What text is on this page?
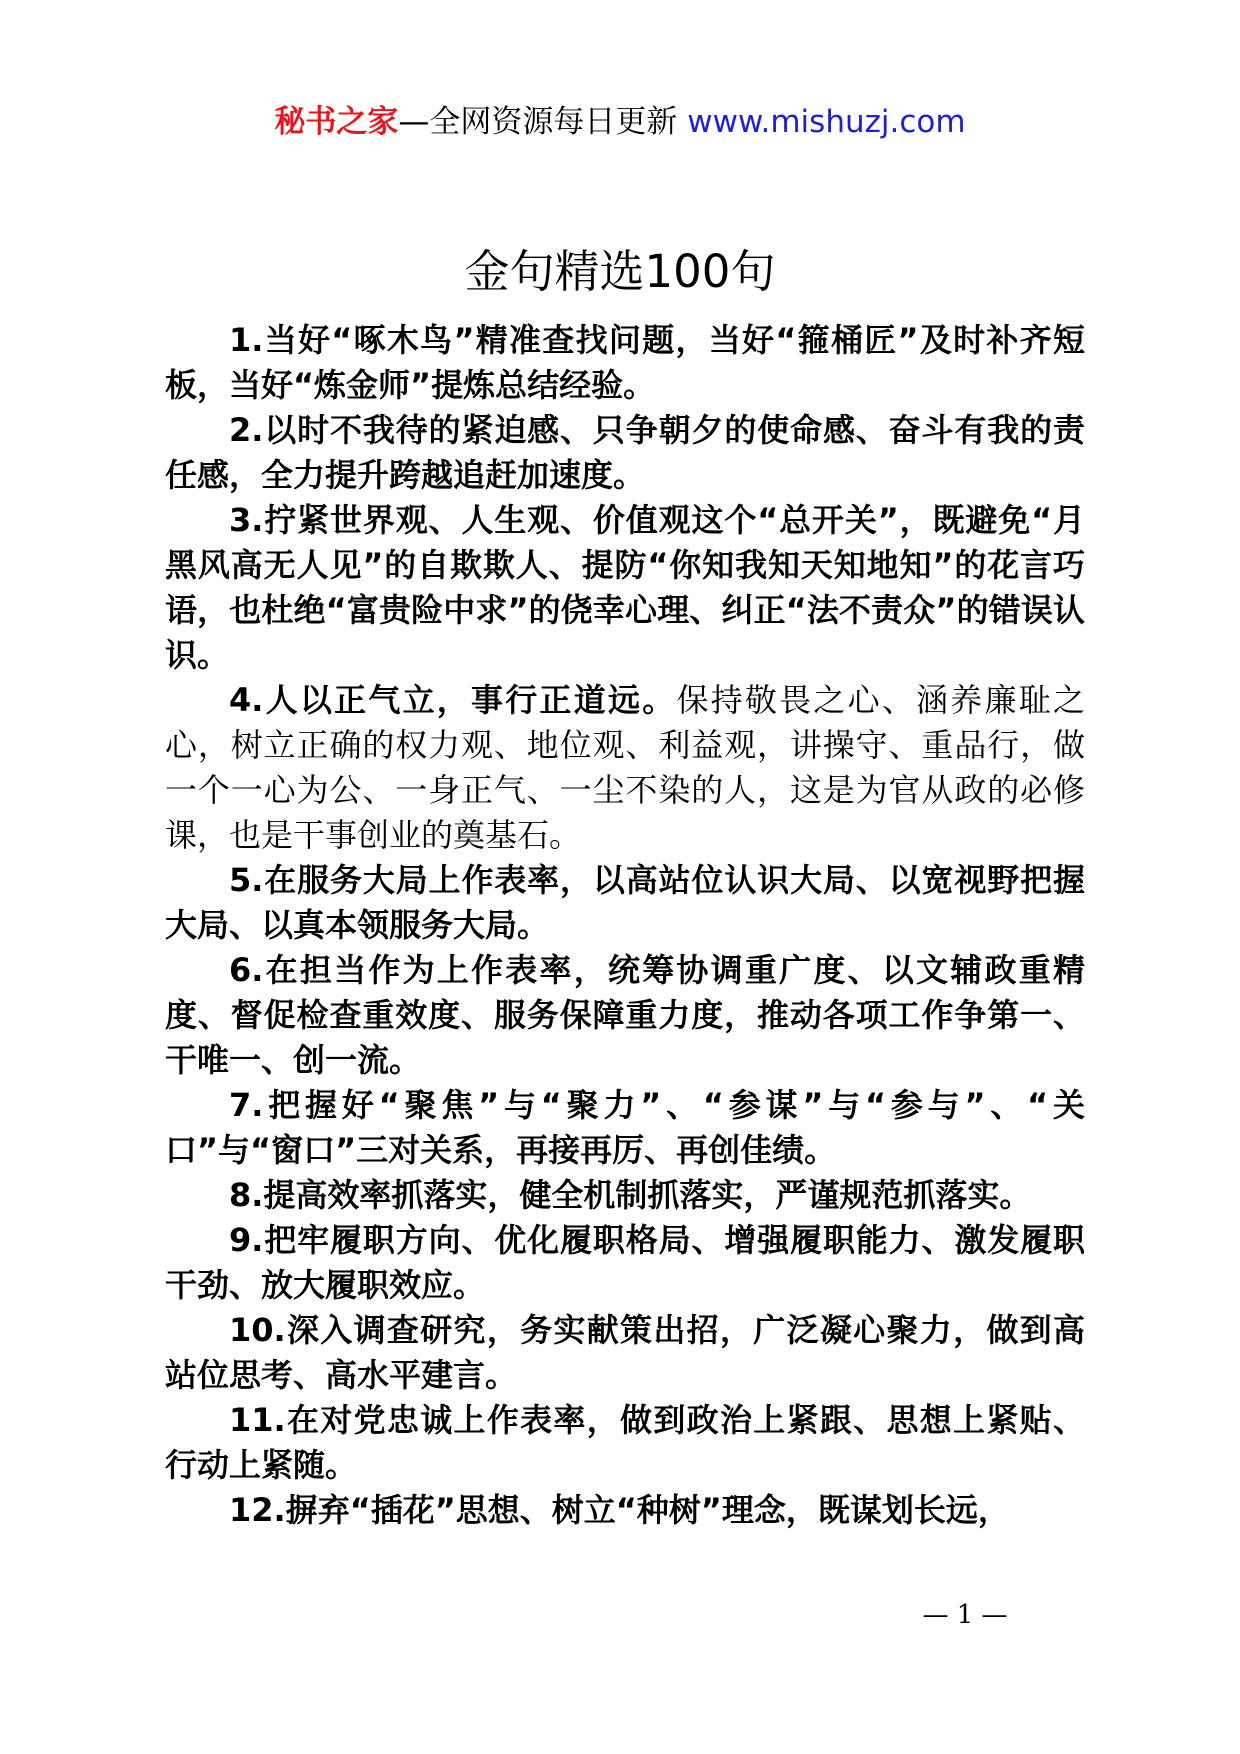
秘书之家—全网资源每日更新 www.mishuzj.com
金句精选100句

1.当好“啄木鸟”精准查找问题，当好“箍桶匠”及时补齐短板，当好“炼金师”提炼总结经验。

2.以时不我待的紧迫感、只争朝夕的使命感、奋斗有我的责任感，全力提升跨越追赶加速度。

3.拧紧世界观、人生观、价值观这个“总开关”，既避免“月黑风高无人见”的自欺欺人、提防“你知我知天知地知”的花言巧语，也杜绝“富贵险中求”的侥幸心理、纠正“法不责众”的错误认识。

4.人以正气立，事行正道远。保持敬畏之心、涵养廉耻之心，树立正确的权力观、地位观、利益观，讲操守、重品行，做一个一心为公、一身正气、一尘不染的人，这是为官从政的必修课，也是干事创业的奠基石。

5.在服务大局上作表率，以高站位认识大局、以宽视野把握大局、以真本领服务大局。

6.在担当作为上作表率，统筹协调重广度、以文辅政重精度、督促检查重效度、服务保障重力度，推动各项工作争第一、干唯一、创一流。

7.把握好“聚焦”与“聚力”、“参谋”与“参与”、“关口”与“窗口”三对关系，再接再厉、再创佳绩。

8.提高效率抓落实，健全机制抓落实，严谨规范抓落实。

9.把牢履职方向、优化履职格局、增强履职能力、激发履职干劲、放大履职效应。

10.深入调查研究，务实献策出招，广泛凝心聚力，做到高站位思考、高水平建言。

11.在对党忠诚上作表率，做到政治上紧跟、思想上紧贴、行动上紧随。

12.摒弃“插花”思想、树立“种树”理念，既谋划长远，

— 1 —
